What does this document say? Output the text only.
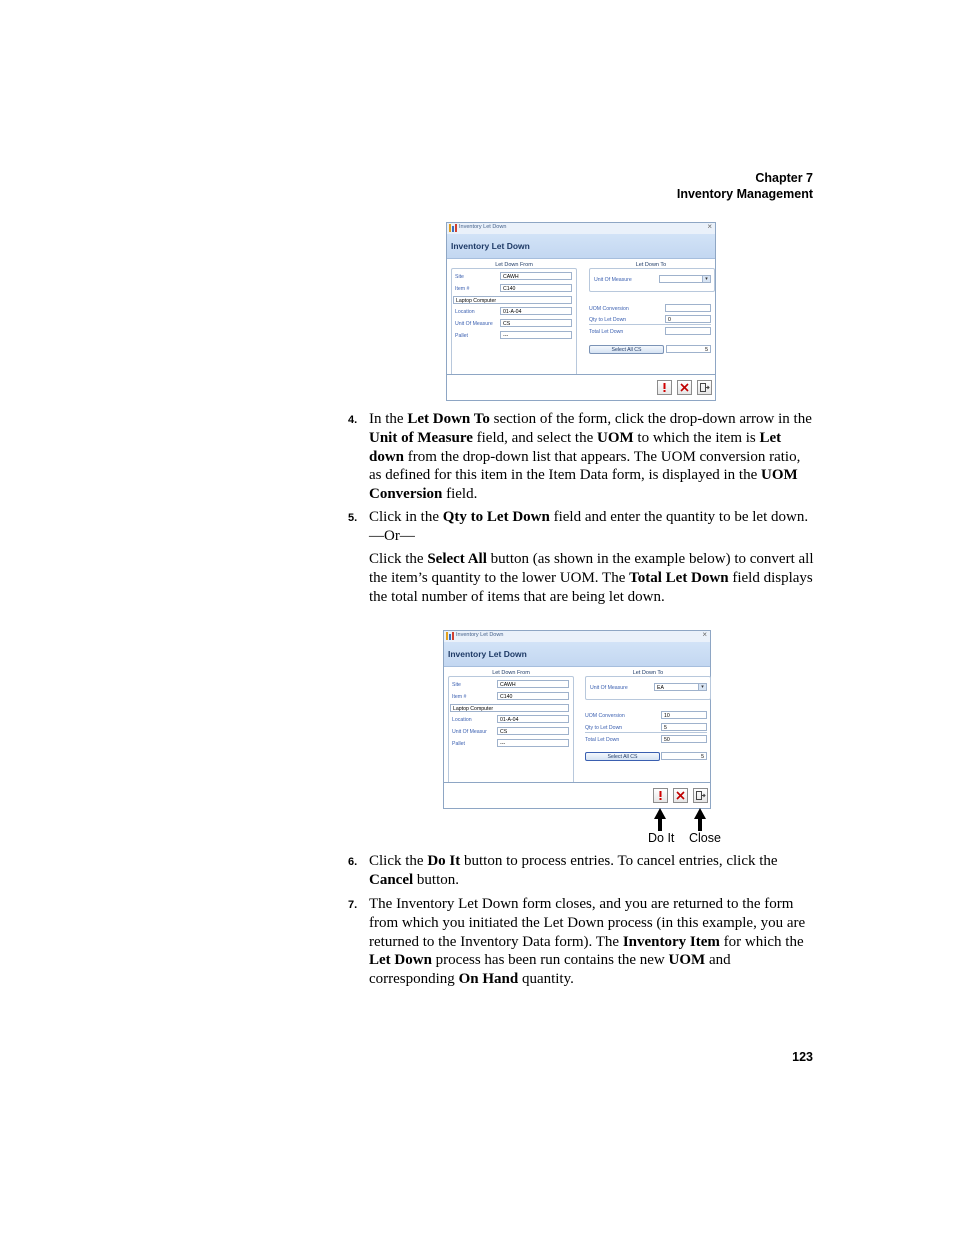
Chapter 7
Inventory Management
Inventory Let Down	×
Inventory Let Down
Let Down From
Site	CAWH
Item #	C140
Laptop Computer
Location	01-A-04
Unit Of Measure	CS
Pallet	---
Let Down To
Unit Of Measure	▾
UOM Conversion
Qty to Let Down	0
Total Let Down
Select All CS	5
4. In the Let Down To section of the form, click the drop-down arrow in the Unit of Measure field, and select the UOM to which the item is Let down from the drop-down list that appears. The UOM conversion ratio, as defined for this item in the Item Data form, is displayed in the UOM Conversion field.
5. Click in the Qty to Let Down field and enter the quantity to be let down. —Or—
Click the Select All button (as shown in the example below) to convert all the item’s quantity to the lower UOM. The Total Let Down field displays the total number of items that are being let down.
Inventory Let Down	×
Inventory Let Down
Let Down From
Site	CAWH
Item #	C140
Laptop Computer
Location	01-A-04
Unit Of Measur	CS
Pallet	---
Let Down To
Unit Of Measure	EA	▾
UOM Conversion	10
Qty to Let Down	5
Total Let Down	50
Select All CS	5
Do It Close
6. Click the Do It button to process entries. To cancel entries, click the Cancel button.
7. The Inventory Let Down form closes, and you are returned to the form from which you initiated the Let Down process (in this example, you are returned to the Inventory Data form). The Inventory Item for which the Let Down process has been run contains the new UOM and corresponding On Hand quantity.
123
